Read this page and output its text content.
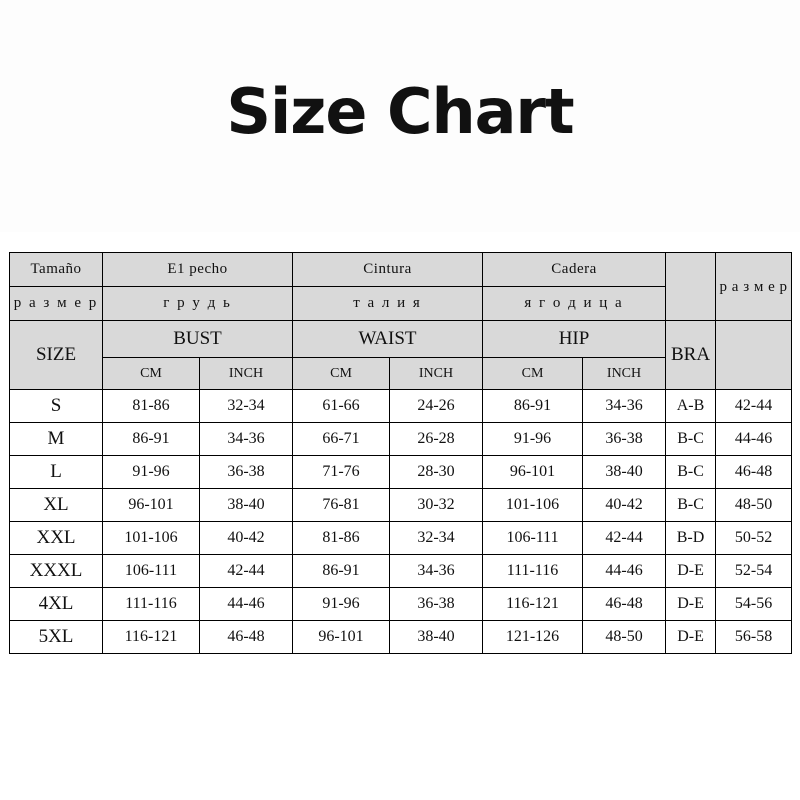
Size Chart
Tamaño	E1 pecho		Cintura		Cadera			р а з м е р
р а з м е р	г р у д ь		т а л и я		я г о д и ц а			
SIZE	BUST		WAIST		HIP		BRA	
	CM	INCH	CM	INCH	CM	INCH		
S	81-86	32-34	61-66	24-26	86-91	34-36	A-B	42-44
M	86-91	34-36	66-71	26-28	91-96	36-38	B-C	44-46
L	91-96	36-38	71-76	28-30	96-101	38-40	B-C	46-48
XL	96-101	38-40	76-81	30-32	101-106	40-42	B-C	48-50
XXL	101-106	40-42	81-86	32-34	106-111	42-44	B-D	50-52
XXXL	106-111	42-44	86-91	34-36	111-116	44-46	D-E	52-54
4XL	111-116	44-46	91-96	36-38	116-121	46-48	D-E	54-56
5XL	116-121	46-48	96-101	38-40	121-126	48-50	D-E	56-58
